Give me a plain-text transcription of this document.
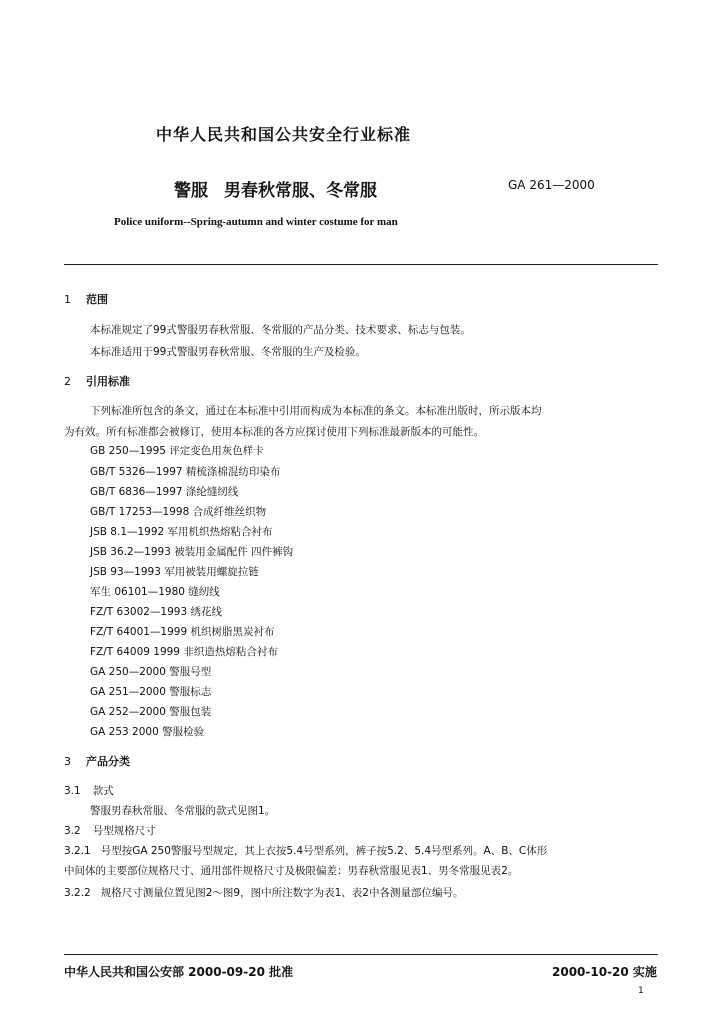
中华人民共和国公共安全行业标准
警服 男春秋常服、冬常服	GA 261—2000
Police uniform--Spring-autumn and winter costume for man
1 范围
本标准规定了99式警服男春秋常服、冬常服的产品分类、技术要求、标志与包装。
本标准适用于99式警服男春秋常服、冬常服的生产及检验。
2 引用标准
下列标准所包含的条文，通过在本标准中引用而构成为本标准的条文。本标准出版时，所示版本均
为有效。所有标准都会被修订，使用本标准的各方应探讨使用下列标准最新版本的可能性。
GB 250—1995 评定变色用灰色样卡
GB/T 5326—1997 精梳涤棉混纺印染布
GB/T 6836—1997 涤纶缝纫线
GB/T 17253—1998 合成纤维丝织物
JSB 8.1—1992 军用机织热熔粘合衬布
JSB 36.2—1993 被装用金属配件 四件裤钩
JSB 93—1993 军用被装用螺旋拉链
军生 06101—1980 缝纫线
FZ/T 63002—1993 绣花线
FZ/T 64001—1999 机织树脂黑炭衬布
FZ/T 64009 1999 非织造热熔粘合衬布
GA 250—2000 警服号型
GA 251—2000 警服标志
GA 252—2000 警服包装
GA 253 2000 警服检验
3 产品分类
3.1 款式
警服男春秋常服、冬常服的款式见图1。
3.2 号型规格尺寸
3.2.1 号型按GA 250警服号型规定，其上衣按5.4号型系列，裤子按5.2、5.4号型系列。A、B、C体形
中间体的主要部位规格尺寸、通用部件规格尺寸及极限偏差：男春秋常服见表1、男冬常服见表2。
3.2.2 规格尺寸测量位置见图2～图9，图中所注数字为表1、表2中各测量部位编号。
中华人民共和国公安部 2000-09-20 批准	2000-10-20 实施
1
